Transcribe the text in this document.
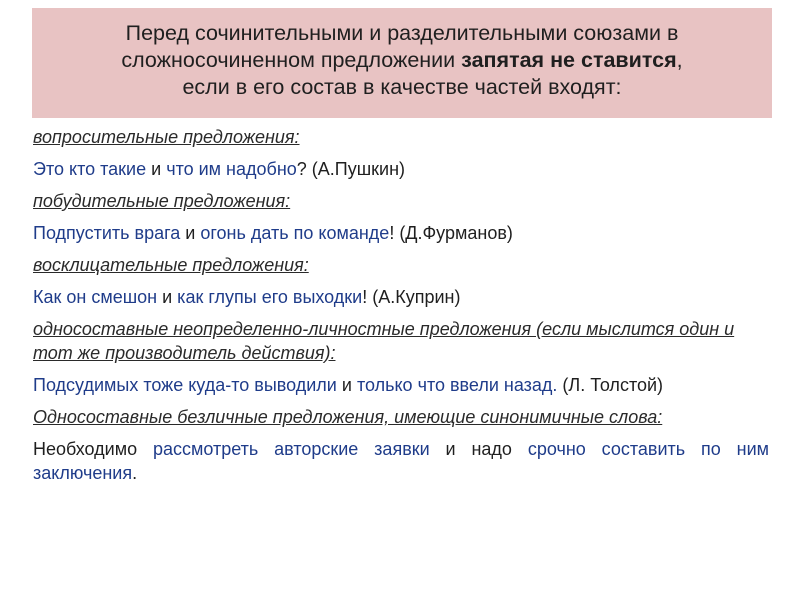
Перед сочинительными и разделительными союзами в
сложносочиненном предложении запятая не ставится,
если в его состав в качестве частей входят:
вопросительные предложения:
Это кто такие и что им надобно? (А.Пушкин)
побудительные предложения:
Подпустить врага и огонь дать по команде! (Д.Фурманов)
восклицательные предложения:
Как он смешон и как глупы его выходки! (А.Куприн)
односоставные неопределенно-личностные предложения (если мыслится один и тот же производитель действия):
Подсудимых тоже куда-то выводили и только что ввели назад. (Л. Толстой)
Односоставные безличные предложения, имеющие синонимичные слова:
Необходимо рассмотреть авторские заявки и надо срочно составить по ним заключения.
